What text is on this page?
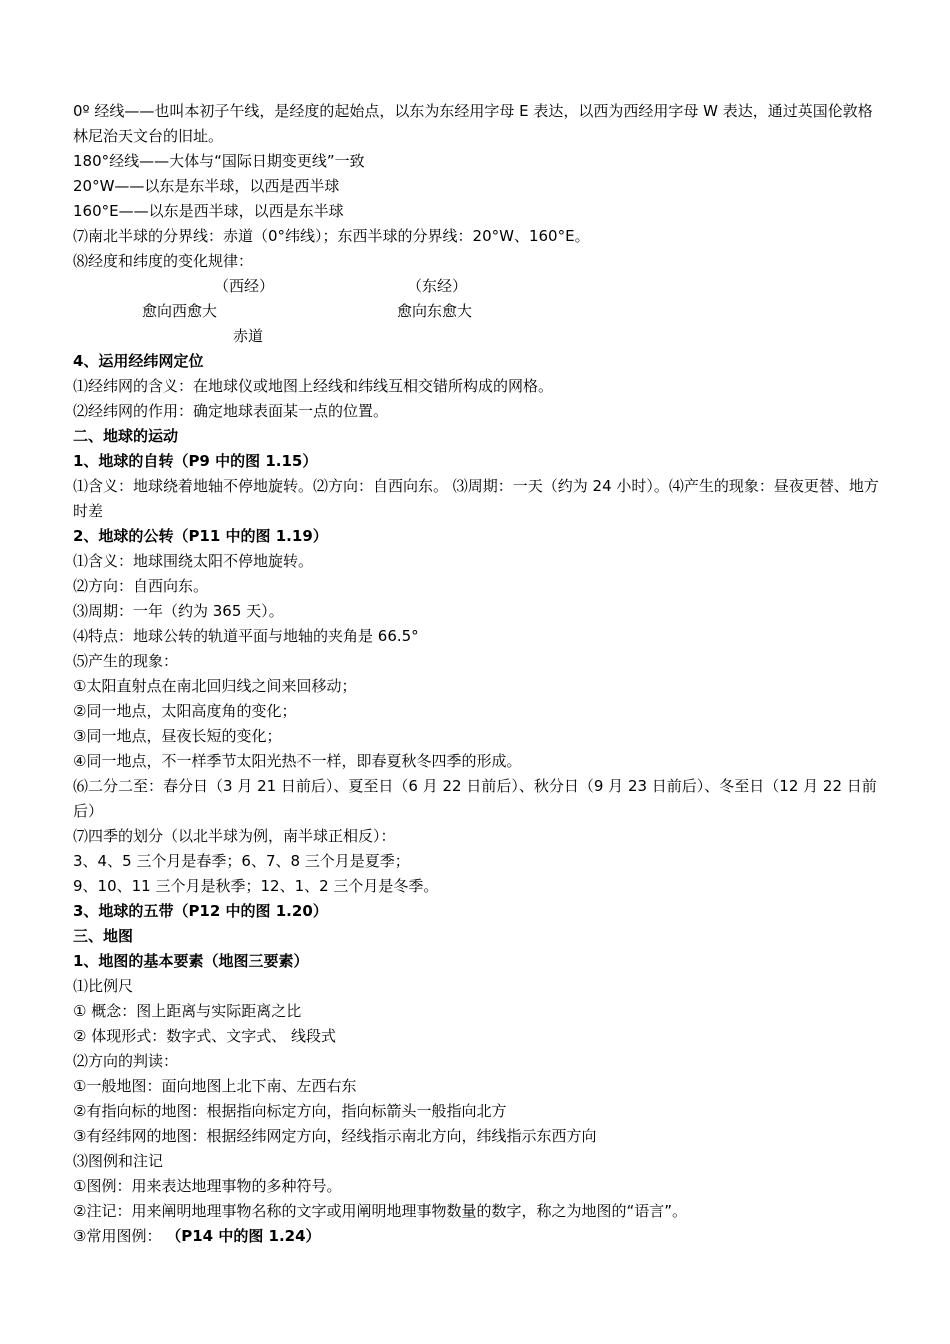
0º 经线——也叫本初子午线，是经度的起始点，以东为东经用字母 E 表达，以西为西经用字母 W 表达，通过英国伦敦格林尼治天文台的旧址。
180°经线——大体与“国际日期变更线”一致
20°W——以东是东半球，以西是西半球
160°E——以东是西半球，以西是东半球
⑺南北半球的分界线：赤道（0°纬线）；东西半球的分界线：20°W、160°E。
⑻经度和纬度的变化规律：
（西经）	（东经）
愈向西愈大	愈向东愈大
赤道
4、运用经纬网定位
⑴经纬网的含义：在地球仪或地图上经线和纬线互相交错所构成的网格。
⑵经纬网的作用：确定地球表面某一点的位置。
二、地球的运动
1、地球的自转（P9 中的图 1.15）
⑴含义：地球绕着地轴不停地旋转。⑵方向：自西向东。 ⑶周期：一天（约为 24 小时）。⑷产生的现象：昼夜更替、地方时差
2、地球的公转（P11 中的图 1.19）
⑴含义：地球围绕太阳不停地旋转。
⑵方向：自西向东。
⑶周期：一年（约为 365 天）。
⑷特点：地球公转的轨道平面与地轴的夹角是 66.5°
⑸产生的现象：
①太阳直射点在南北回归线之间来回移动；
②同一地点，太阳高度角的变化；
③同一地点，昼夜长短的变化；
④同一地点，不一样季节太阳光热不一样，即春夏秋冬四季的形成。
⑹二分二至：春分日（3 月 21 日前后）、夏至日（6 月 22 日前后）、秋分日（9 月 23 日前后）、冬至日（12 月 22 日前后）
⑺四季的划分（以北半球为例，南半球正相反）：
3、4、5 三个月是春季；6、7、8 三个月是夏季；
9、10、11 三个月是秋季；12、1、2 三个月是冬季。
3、地球的五带（P12 中的图 1.20）
三、地图
1、地图的基本要素（地图三要素）
⑴比例尺
① 概念：图上距离与实际距离之比
② 体现形式：数字式、文字式、 线段式
⑵方向的判读：
①一般地图：面向地图上北下南、左西右东
②有指向标的地图：根据指向标定方向，指向标箭头一般指向北方
③有经纬网的地图：根据经纬网定方向，经线指示南北方向，纬线指示东西方向
⑶图例和注记
①图例：用来表达地理事物的多种符号。
②注记：用来阐明地理事物名称的文字或用阐明地理事物数量的数字，称之为地图的“语言”。
③常用图例： （P14 中的图 1.24）
